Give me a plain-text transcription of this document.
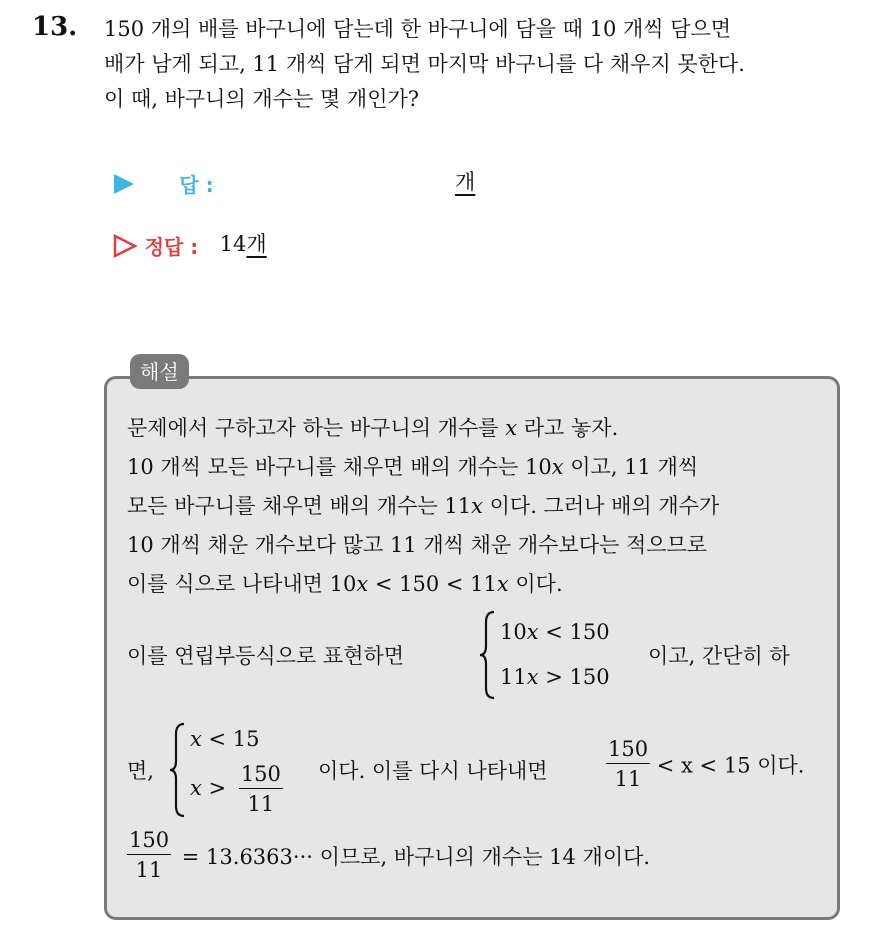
13. 150 개의 배를 바구니에 담는데 한 바구니에 담을 때 10 개씩 담으면
배가 남게 되고, 11 개씩 담게 되면 마지막 바구니를 다 채우지 못한다.
이 때, 바구니의 개수는 몇 개인가?
답 :	개
정답 : 14개
해설
문제에서 구하고자 하는 바구니의 개수를 x 라고 놓자.
10 개씩 모든 바구니를 채우면 배의 개수는 10x 이고, 11 개씩
모든 바구니를 채우면 배의 개수는 11x 이다. 그러나 배의 개수가
10 개씩 채운 개수보다 많고 11 개씩 채운 개수보다는 적으므로
이를 식으로 나타내면 10x < 150 < 11x 이다.
이를 연립부등식으로 표현하면
10x < 150
11x > 150
이고, 간단히 하
면,
x < 15
$x > \frac{150}{11}$ 이다. 이를 다시 나타내면	$\frac{150}{11} < x < 15$ 이다.
$\frac{150}{11} = 13.6363\cdot\cdot\cdot$ 이므로, 바구니의 개수는 14 개이다.
